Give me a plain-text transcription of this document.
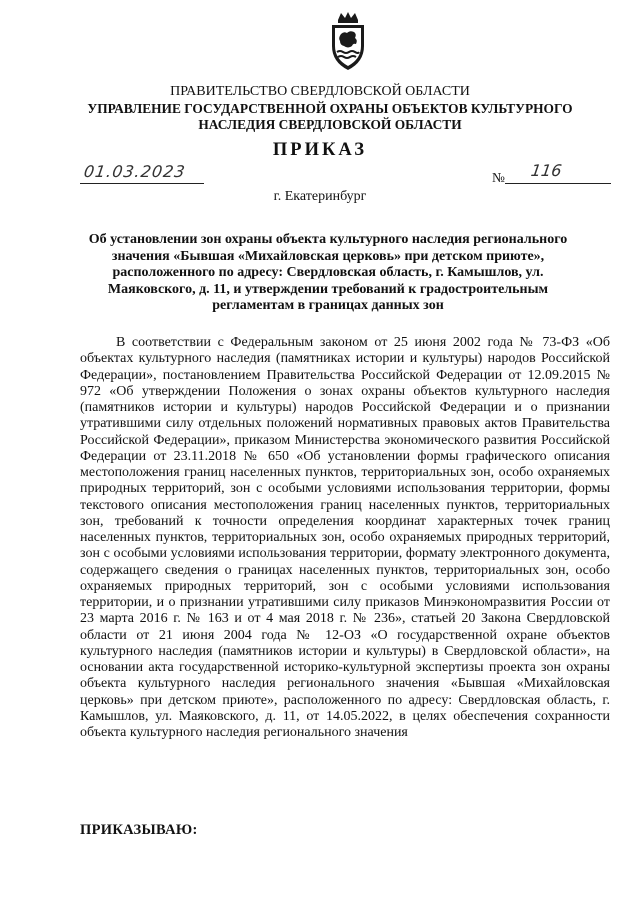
ПРАВИТЕЛЬСТВО СВЕРДЛОВСКОЙ ОБЛАСТИ
УПРАВЛЕНИЕ ГОСУДАРСТВЕННОЙ ОХРАНЫ ОБЪЕКТОВ КУЛЬТУРНОГО НАСЛЕДИЯ СВЕРДЛОВСКОЙ ОБЛАСТИ
ПРИКАЗ
01.03.2023	№ 116
г. Екатеринбург
Об установлении зон охраны объекта культурного наследия регионального значения «Бывшая «Михайловская церковь» при детском приюте», расположенного по адресу: Свердловская область, г. Камышлов, ул. Маяковского, д. 11, и утверждении требований к градостроительным регламентам в границах данных зон

В соответствии с Федеральным законом от 25 июня 2002 года № 73-ФЗ «Об объектах культурного наследия (памятниках истории и культуры) народов Российской Федерации», постановлением Правительства Российской Федерации от 12.09.2015 № 972 «Об утверждении Положения о зонах охраны объектов культурного наследия (памятников истории и культуры) народов Российской Федерации и о признании утратившими силу отдельных положений нормативных правовых актов Правительства Российской Федерации», приказом Министерства экономического развития Российской Федерации от 23.11.2018 № 650 «Об установлении формы графического описания местоположения границ населенных пунктов, территориальных зон, особо охраняемых природных территорий, зон с особыми условиями использования территории, формы текстового описания местоположения границ населенных пунктов, территориальных зон, требований к точности определения координат характерных точек границ населенных пунктов, территориальных зон, особо охраняемых природных территорий, зон с особыми условиями использования территории, формату электронного документа, содержащего сведения о границах населенных пунктов, территориальных зон, особо охраняемых природных территорий, зон с особыми условиями использования территории, и о признании утратившими силу приказов Минэкономразвития России от 23 марта 2016 г. № 163 и от 4 мая 2018 г. № 236», статьей 20 Закона Свердловской области от 21 июня 2004 года № 12-ОЗ «О государственной охране объектов культурного наследия (памятников истории и культуры) в Свердловской области», на основании акта государственной историко-культурной экспертизы проекта зон охраны объекта культурного наследия регионального значения «Бывшая «Михайловская церковь» при детском приюте», расположенного по адресу: Свердловская область, г. Камышлов, ул. Маяковского, д. 11, от 14.05.2022, в целях обеспечения сохранности объекта культурного наследия регионального значения

ПРИКАЗЫВАЮ:
